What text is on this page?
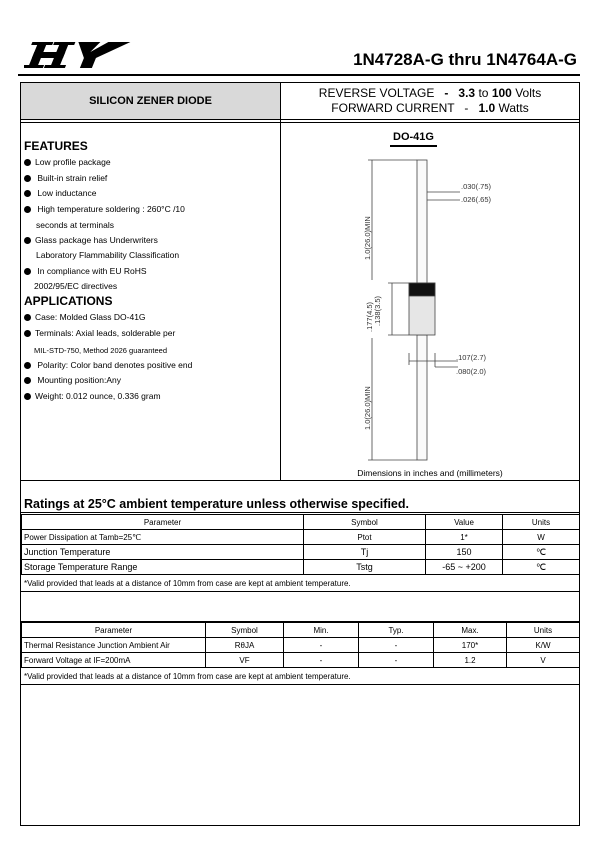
1N4728A-G thru 1N4764A-G
SILICON ZENER DIODE
REVERSE VOLTAGE - 3.3 to 100 Volts
FORWARD CURRENT - 1.0 Watts
FEATURES
Low profile package
Built-in strain relief
Low inductance
High temperature soldering : 260°C /10
seconds at terminals
Glass package has Underwriters
Laboratory Flammability Classification
In compliance with EU RoHS
2002/95/EC directives
APPLICATIONS
Case: Molded Glass DO-41G
Terminals: Axial leads, solderable per
MIL-STD-750, Method 2026 guaranteed
Polarity: Color band denotes positive end
Mounting position:Any
Weight: 0.012 ounce, 0.336 gram
DO-41G
.030(.75)
.026(.65)
.107(2.7)
.080(2.0)
1.0(26.0)MIN
.177(4.5) .138(3.5)
1.0(26.0)MIN
Dimensions in inches and (millimeters)
Ratings at 25°C ambient temperature unless otherwise specified.
Parameter	Symbol	Value	Units
Power Dissipation at Tamb=25℃	Ptot	1*	W
Junction Temperature	Tj	150	℃
Storage Temperature Range	Tstg	-65 ~ +200	℃
*Valid provided that leads at a distance of 10mm from case are kept at ambient temperature.
Parameter	Symbol	Min.	Typ.	Max.	Units
Thermal Resistance Junction Ambient Air	RθJA	-	-	170*	K/W
Forward Voltage at IF=200mA	VF	-	-	1.2	V
*Valid provided that leads at a distance of 10mm from case are kept at ambient temperature.
